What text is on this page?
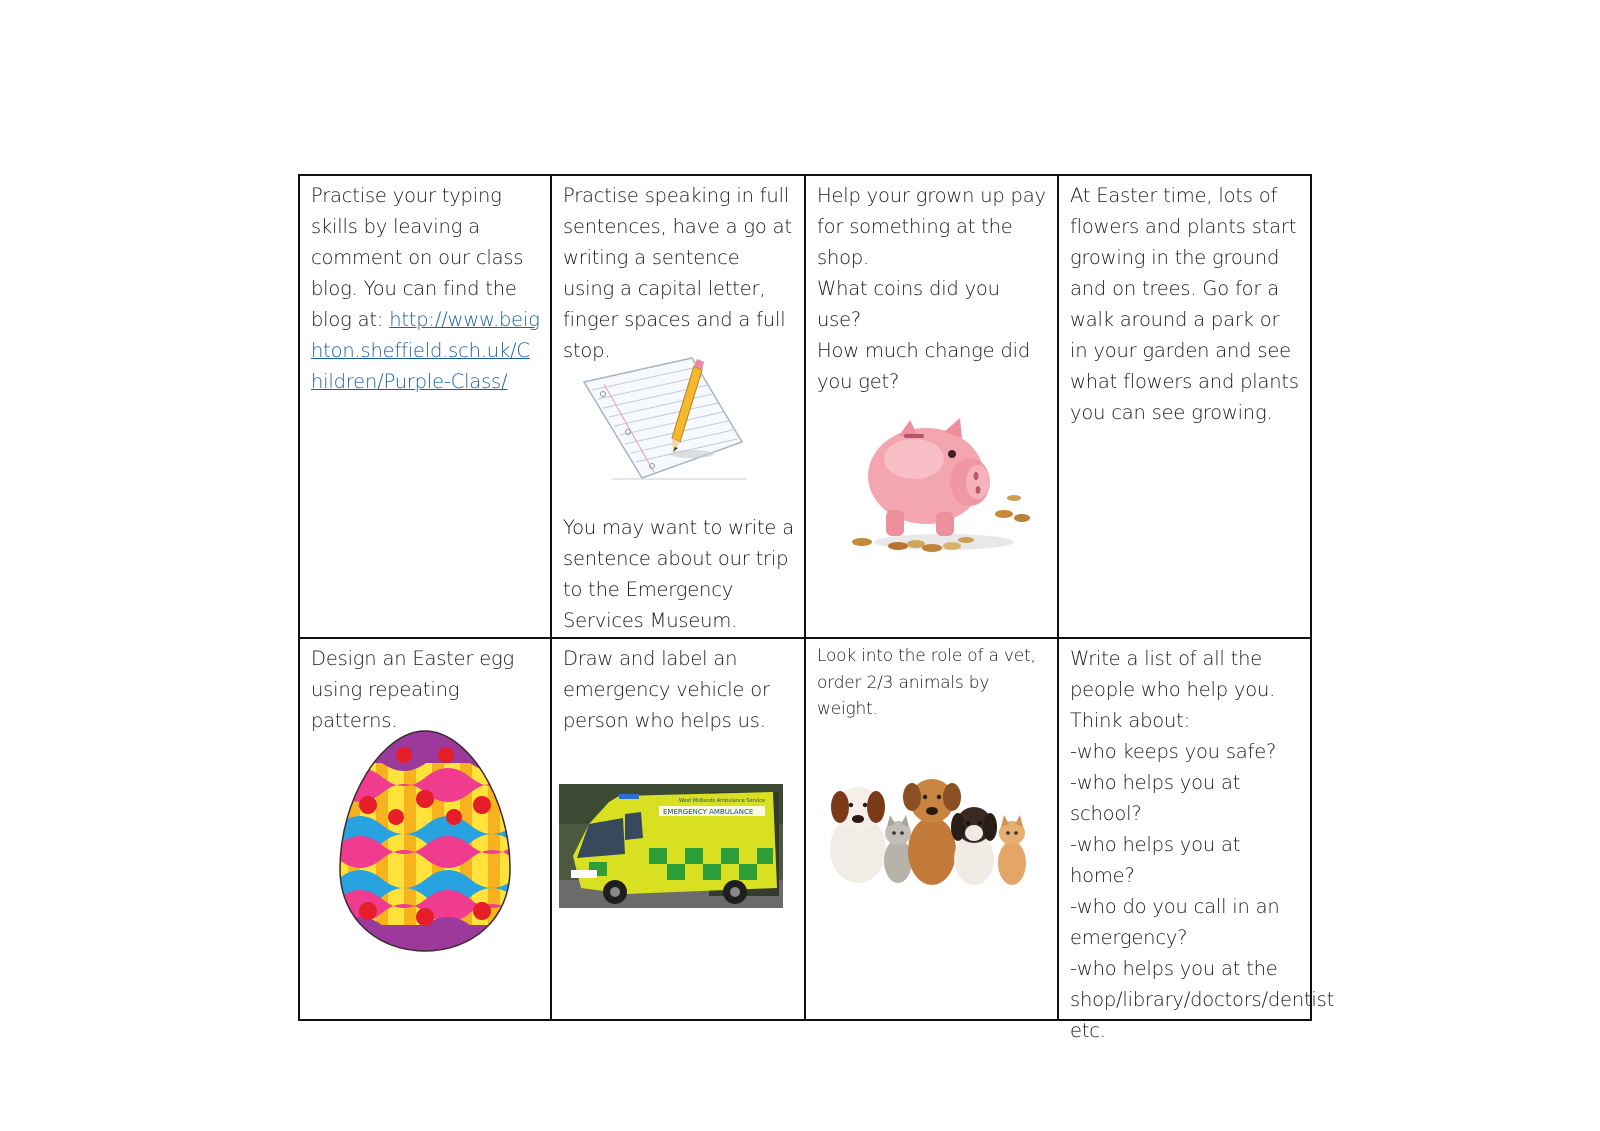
Practise your typing skills by leaving a comment on our class blog. You can find the blog at: http://www.beighton.sheffield.sch.uk/Children/Purple-Class/

Practise speaking in full sentences, have a go at writing a sentence using a capital letter, finger spaces and a full stop.

You may want to write a sentence about our trip to the Emergency Services Museum.

Help your grown up pay for something at the shop.
What coins did you use?
How much change did you get?

At Easter time, lots of flowers and plants start growing in the ground and on trees. Go for a walk around a park or in your garden and see what flowers and plants you can see growing.

Design an Easter egg using repeating patterns.

Draw and label an emergency vehicle or person who helps us.

EMERGENCY AMBULANCE
West Midlands Ambulance Service

Look into the role of a vet, order 2/3 animals by weight.

Write a list of all the people who help you.
Think about:
-who keeps you safe?
-who helps you at school?
-who helps you at home?
-who do you call in an emergency?
-who helps you at the shop/library/doctors/dentist etc.
